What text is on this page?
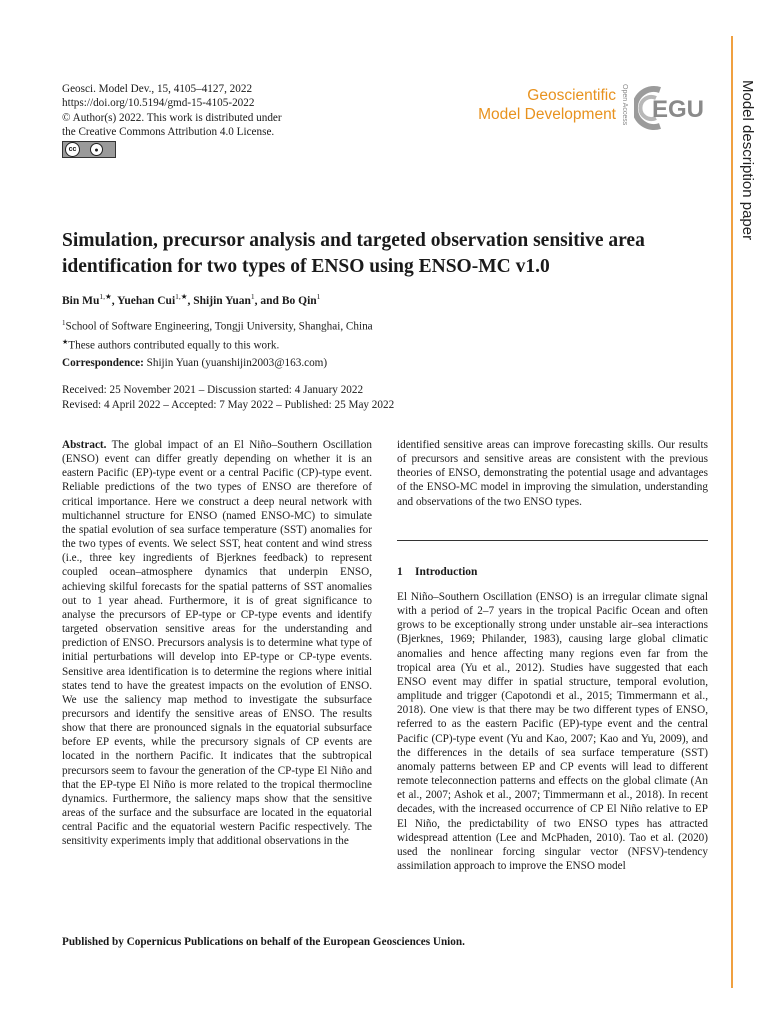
Model description paper
Geosci. Model Dev., 15, 4105–4127, 2022
https://doi.org/10.5194/gmd-15-4105-2022
© Author(s) 2022. This work is distributed under
the Creative Commons Attribution 4.0 License.
cc	●
Geoscientific
Model Development Open Access EGU
Simulation, precursor analysis and targeted observation sensitive area identification for two types of ENSO using ENSO-MC v1.0
Bin $Mu^{1,★}$, Yuehan Cui$^{1,★}$, Shijin Yuan$^1$, and Bo Qin$^1$
$^1$School of Software Engineering, Tongji University, Shanghai, China
★These authors contributed equally to this work.
Correspondence: Shijin Yuan (yuanshijin2003@163.com)
Received: 25 November 2021 – Discussion started: 4 January 2022
Revised: 4 April 2022 – Accepted: 7 May 2022 – Published: 25 May 2022
Abstract. The global impact of an El Niño–Southern Oscillation (ENSO) event can differ greatly depending on whether it is an eastern Pacific (EP)-type event or a central Pacific (CP)-type event. Reliable predictions of the two types of ENSO are therefore of critical importance. Here we construct a deep neural network with multichannel structure for ENSO (named ENSO-MC) to simulate the spatial evolution of sea surface temperature (SST) anomalies for the two types of events. We select SST, heat content and wind stress (i.e., three key ingredients of Bjerknes feedback) to represent coupled ocean–atmosphere dynamics that underpin ENSO, achieving skilful forecasts for the spatial patterns of SST anomalies out to 1 year ahead. Furthermore, it is of great significance to analyse the precursors of EP-type or CP-type events and identify targeted observation sensitive areas for the understanding and prediction of ENSO. Precursors analysis is to determine what type of initial perturbations will develop into EP-type or CP-type events. Sensitive area identification is to determine the regions where initial states tend to have the greatest impacts on the evolution of ENSO. We use the saliency map method to investigate the subsurface precursors and identify the sensitive areas of ENSO. The results show that there are pronounced signals in the equatorial subsurface before EP events, while the precursory signals of CP events are located in the northern Pacific. It indicates that the subtropical precursors seem to favour the generation of the CP-type El Niño and that the EP-type El Niño is more related to the tropical thermocline dynamics. Furthermore, the saliency maps show that the sensitive areas of the surface and the subsurface are located in the equatorial central Pacific and the equatorial western Pacific respectively. The sensitivity experiments imply that additional observations in the
identified sensitive areas can improve forecasting skills. Our results of precursors and sensitive areas are consistent with the previous theories of ENSO, demonstrating the potential usage and advantages of the ENSO-MC model in improving the simulation, understanding and observations of the two ENSO types.
1 Introduction
El Niño–Southern Oscillation (ENSO) is an irregular climate signal with a period of 2–7 years in the tropical Pacific Ocean and often grows to be exceptionally strong under unstable air–sea interactions (Bjerknes, 1969; Philander, 1983), causing large global climatic anomalies and hence affecting many regions even far from the tropical area (Yu et al., 2012). Studies have suggested that each ENSO event may differ in spatial structure, temporal evolution, amplitude and trigger (Capotondi et al., 2015; Timmermann et al., 2018). One view is that there may be two different types of ENSO, referred to as the eastern Pacific (EP)-type event and the central Pacific (CP)-type event (Yu and Kao, 2007; Kao and Yu, 2009), and the differences in the details of sea surface temperature (SST) anomaly patterns between EP and CP events will lead to different remote teleconnection patterns and effects on the global climate (An et al., 2007; Ashok et al., 2007; Timmermann et al., 2018). In recent decades, with the increased occurrence of CP El Niño relative to EP El Niño, the predictability of two ENSO types has attracted widespread attention (Lee and McPhaden, 2010). Tao et al. (2020) used the nonlinear forcing singular vector (NFSV)-tendency assimilation approach to improve the ENSO model
Published by Copernicus Publications on behalf of the European Geosciences Union.
